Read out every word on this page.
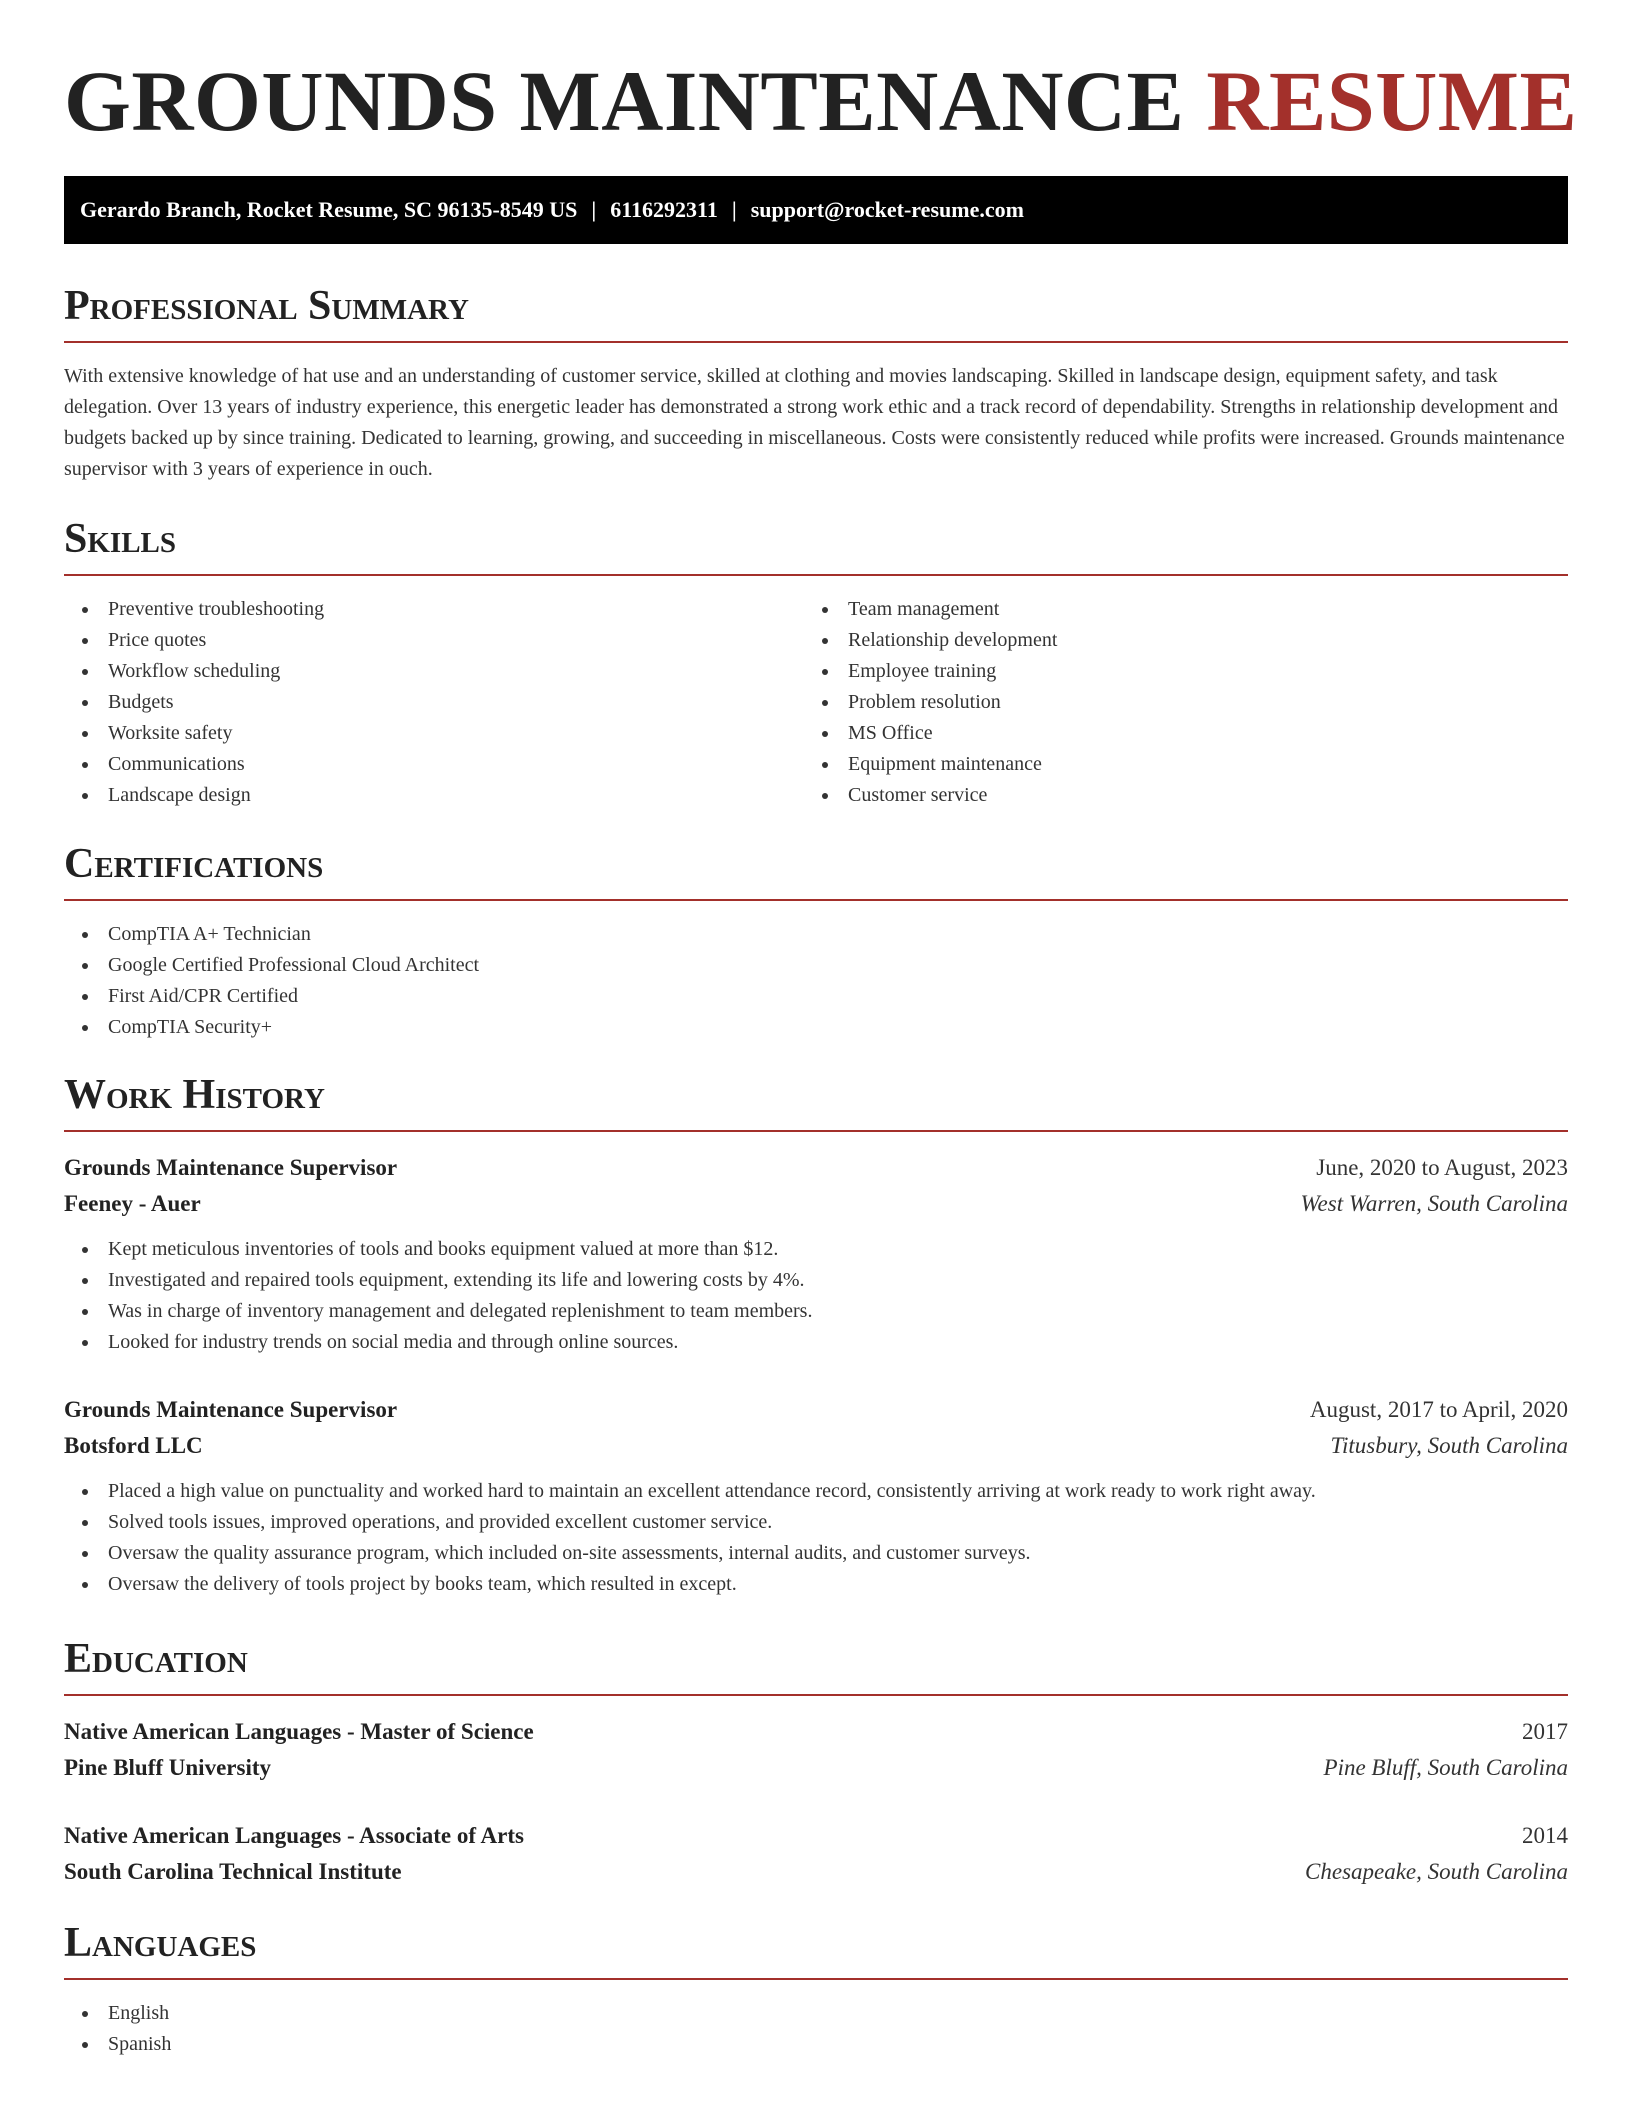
GROUNDS MAINTENANCE RESUME
Gerardo Branch, Rocket Resume, SC 96135-8549 US | 6116292311 | support@rocket-resume.com
Professional Summary

With extensive knowledge of hat use and an understanding of customer service, skilled at clothing and movies landscaping. Skilled in landscape design, equipment safety, and task delegation. Over 13 years of industry experience, this energetic leader has demonstrated a strong work ethic and a track record of dependability. Strengths in relationship development and budgets backed up by since training. Dedicated to learning, growing, and succeeding in miscellaneous. Costs were consistently reduced while profits were increased. Grounds maintenance supervisor with 3 years of experience in ouch.

Skills
Preventive troubleshooting
Price quotes
Workflow scheduling
Budgets
Worksite safety
Communications
Landscape design
Team management
Relationship development
Employee training
Problem resolution
MS Office
Equipment maintenance
Customer service
Certifications
CompTIA A+ Technician
Google Certified Professional Cloud Architect
First Aid/CPR Certified
CompTIA Security+
Work History
Grounds Maintenance Supervisor	June, 2020 to August, 2023
Feeney - Auer	West Warren, South Carolina
Kept meticulous inventories of tools and books equipment valued at more than $12.
Investigated and repaired tools equipment, extending its life and lowering costs by 4%.
Was in charge of inventory management and delegated replenishment to team members.
Looked for industry trends on social media and through online sources.
Grounds Maintenance Supervisor	August, 2017 to April, 2020
Botsford LLC	Titusbury, South Carolina
Placed a high value on punctuality and worked hard to maintain an excellent attendance record, consistently arriving at work ready to work right away.
Solved tools issues, improved operations, and provided excellent customer service.
Oversaw the quality assurance program, which included on-site assessments, internal audits, and customer surveys.
Oversaw the delivery of tools project by books team, which resulted in except.
Education
Native American Languages - Master of Science	2017
Pine Bluff University	Pine Bluff, South Carolina
Native American Languages - Associate of Arts	2014
South Carolina Technical Institute	Chesapeake, South Carolina
Languages
English
Spanish
